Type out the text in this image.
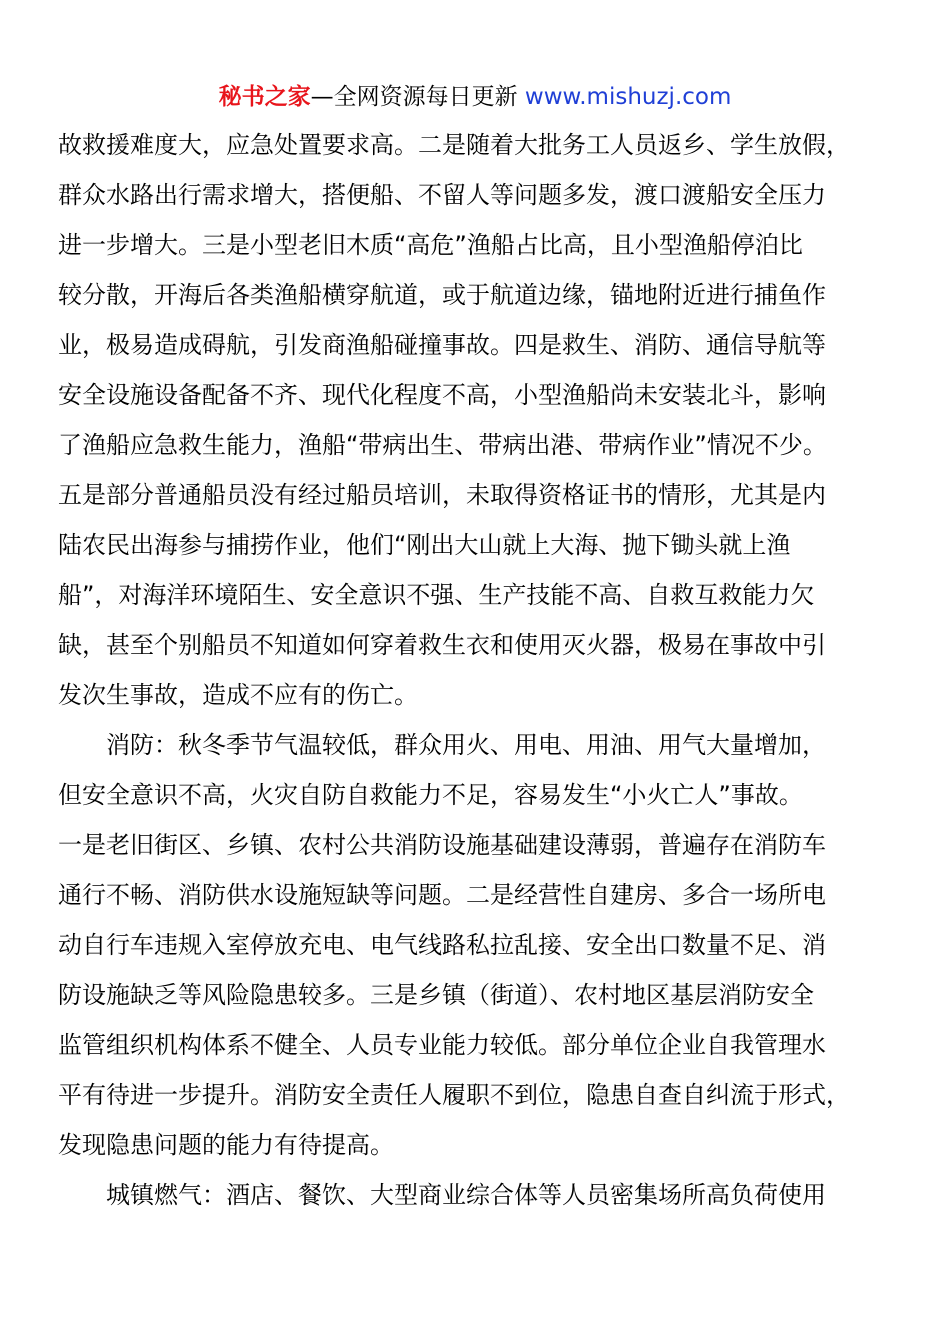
秘书之家—全网资源每日更新 www.mishuzj.com
故救援难度大，应急处置要求高。二是随着大批务工人员返乡、学生放假，
群众水路出行需求增大，搭便船、不留人等问题多发，渡口渡船安全压力
进一步增大。三是小型老旧木质“高危”渔船占比高，且小型渔船停泊比
较分散，开海后各类渔船横穿航道，或于航道边缘，锚地附近进行捕鱼作
业，极易造成碍航，引发商渔船碰撞事故。四是救生、消防、通信导航等
安全设施设备配备不齐、现代化程度不高，小型渔船尚未安装北斗，影响
了渔船应急救生能力，渔船“带病出生、带病出港、带病作业”情况不少。
五是部分普通船员没有经过船员培训，未取得资格证书的情形，尤其是内
陆农民出海参与捕捞作业，他们“刚出大山就上大海、抛下锄头就上渔
船”，对海洋环境陌生、安全意识不强、生产技能不高、自救互救能力欠
缺，甚至个别船员不知道如何穿着救生衣和使用灭火器，极易在事故中引
发次生事故，造成不应有的伤亡。
消防：秋冬季节气温较低，群众用火、用电、用油、用气大量增加，
但安全意识不高，火灾自防自救能力不足，容易发生“小火亡人”事故。
一是老旧街区、乡镇、农村公共消防设施基础建设薄弱，普遍存在消防车
通行不畅、消防供水设施短缺等问题。二是经营性自建房、多合一场所电
动自行车违规入室停放充电、电气线路私拉乱接、安全出口数量不足、消
防设施缺乏等风险隐患较多。三是乡镇（街道）、农村地区基层消防安全
监管组织机构体系不健全、人员专业能力较低。部分单位企业自我管理水
平有待进一步提升。消防安全责任人履职不到位，隐患自查自纠流于形式，
发现隐患问题的能力有待提高。
城镇燃气：酒店、餐饮、大型商业综合体等人员密集场所高负荷使用
